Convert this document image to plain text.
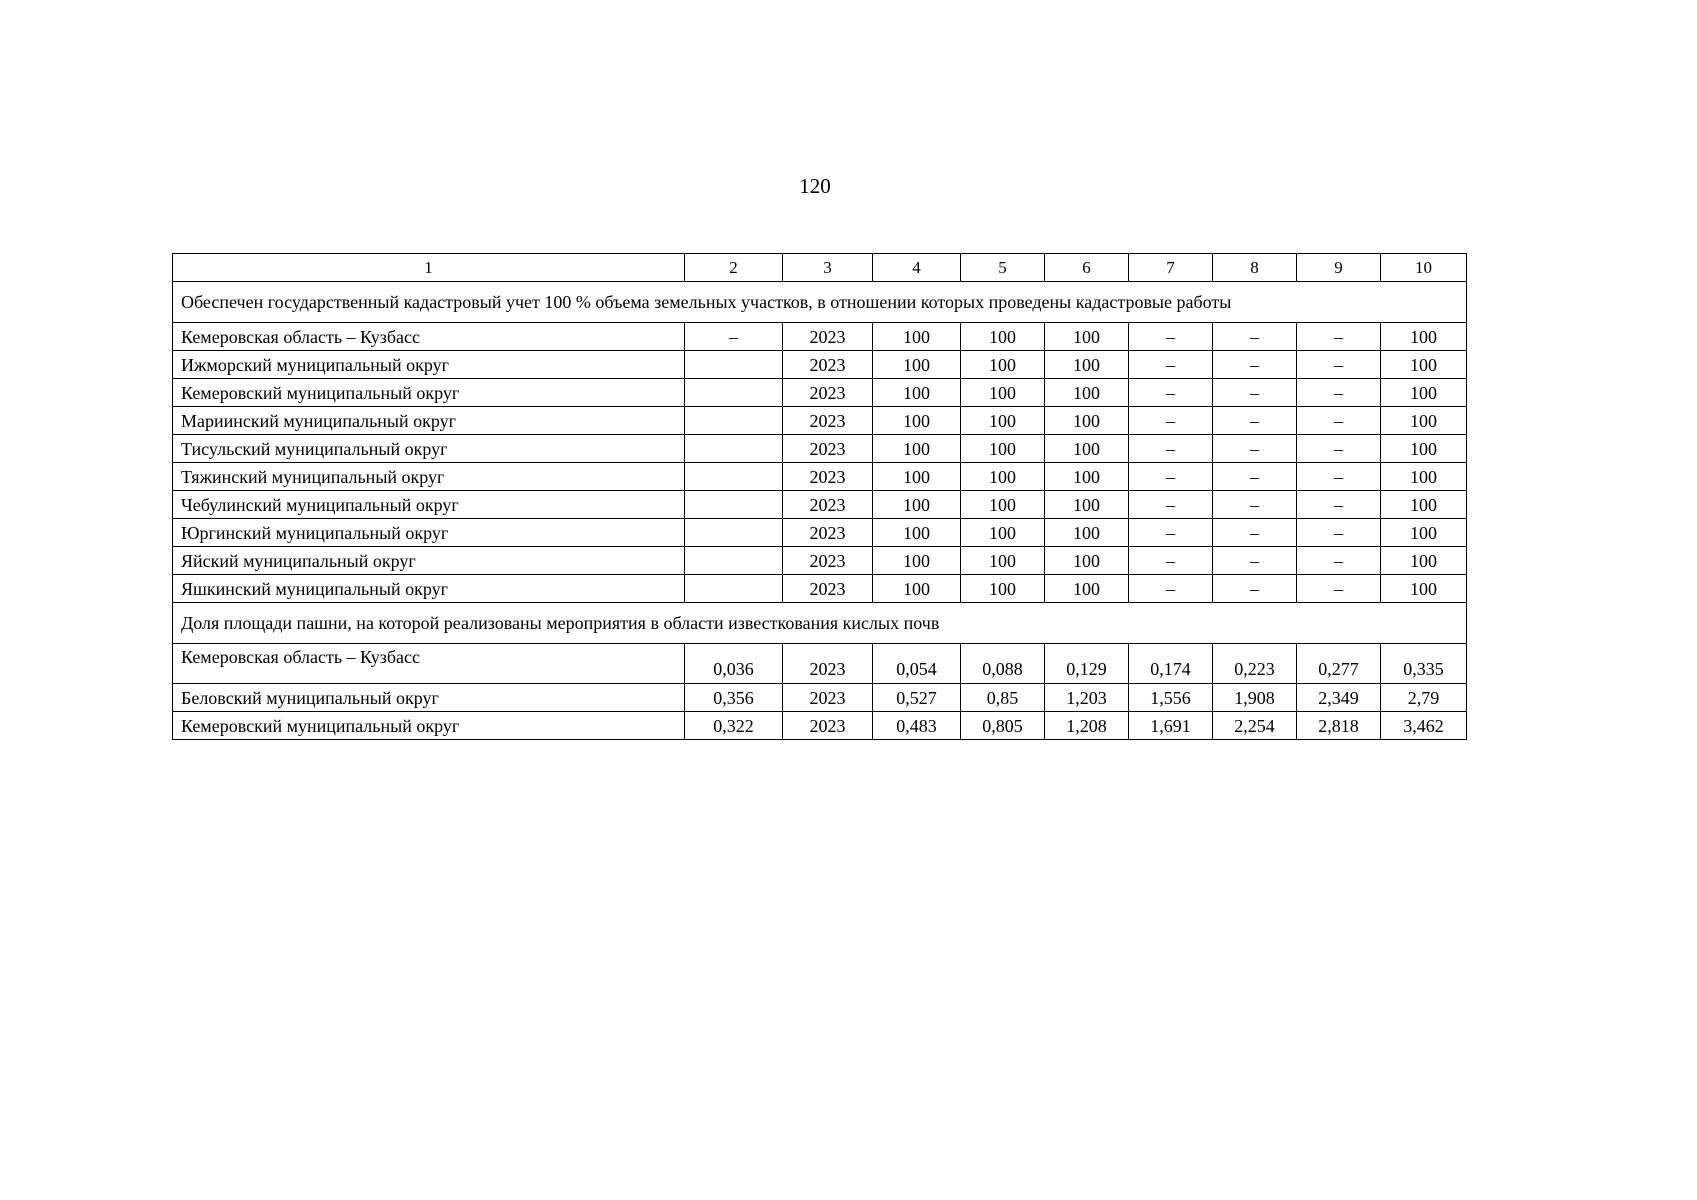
120
1	2	3	4	5	6	7	8	9	10
Обеспечен государственный кадастровый учет 100 % объема земельных участков, в отношении которых проведены кадастровые работы									
Кемеровская область – Кузбасс	–	2023	100	100	100	–	–	–	100
Ижморский муниципальный округ		2023	100	100	100	–	–	–	100
Кемеровский муниципальный округ		2023	100	100	100	–	–	–	100
Мариинский муниципальный округ		2023	100	100	100	–	–	–	100
Тисульский муниципальный округ		2023	100	100	100	–	–	–	100
Тяжинский муниципальный округ		2023	100	100	100	–	–	–	100
Чебулинский муниципальный округ		2023	100	100	100	–	–	–	100
Юргинский муниципальный округ		2023	100	100	100	–	–	–	100
Яйский муниципальный округ		2023	100	100	100	–	–	–	100
Яшкинский муниципальный округ		2023	100	100	100	–	–	–	100
Доля площади пашни, на которой реализованы мероприятия в области известкования кислых почв									
Кемеровская область – Кузбасс	0,036	2023	0,054	0,088	0,129	0,174	0,223	0,277	0,335
Беловский муниципальный округ	0,356	2023	0,527	0,85	1,203	1,556	1,908	2,349	2,79
Кемеровский муниципальный округ	0,322	2023	0,483	0,805	1,208	1,691	2,254	2,818	3,462
